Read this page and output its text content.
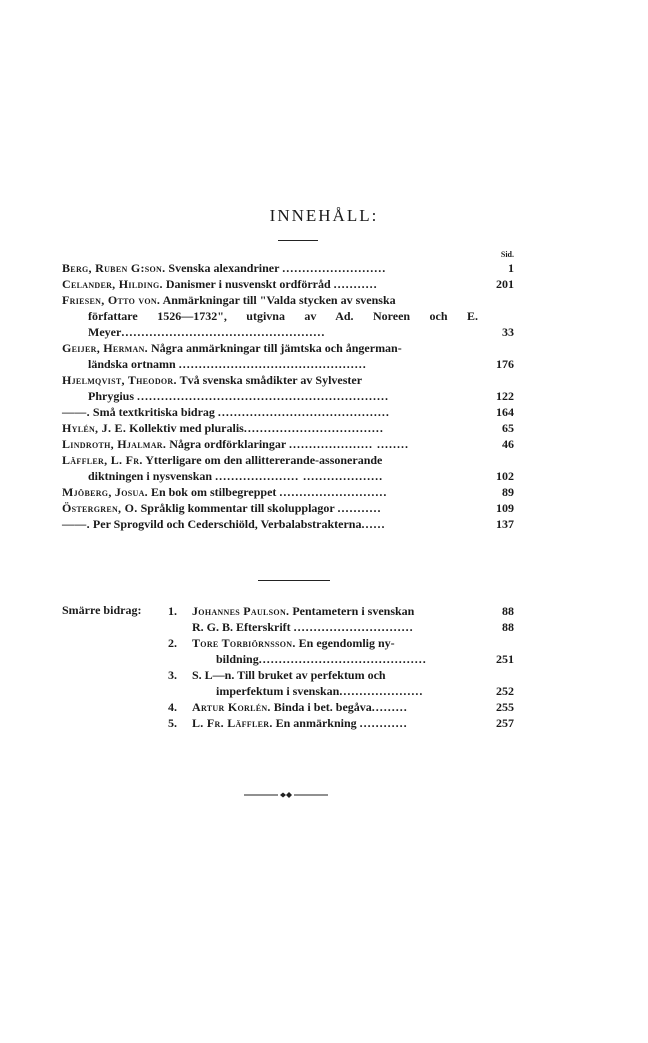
INNEHÅLL:
Sid.
Berg, Ruben G:son. Svenska alexandriner ..........................	1
Celander, Hilding. Danismer i nusvenskt ordförråd ...........	201
Friesen, Otto von. Anmärkningar till "Valda stycken av svenska
författare 1526—1732", utgivna av Ad. Noreen och E. Meyer...................................................	33
Geijer, Herman. Några anmärkningar till jämtska och ångerman-
ländska ortnamn ...............................................	176
Hjelmqvist, Theodor. Två svenska smådikter av Sylvester
Phrygius ...............................................................	122
——. Små textkritiska bidrag ...........................................	164
Hylén, J. E. Kollektiv med pluralis...................................	65
Lindroth, Hjalmar. Några ordförklaringar ..................... ........	46
Läffler, L. Fr. Ytterligare om den allittererande-assonerande
diktningen i nysvenskan ..................... ....................	102
Mjöberg, Josua. En bok om stilbegreppet ...........................	89
Östergren, O. Språklig kommentar till skolupplagor ...........	109
——. Per Sprogvild och Cederschiöld, Verbalabstrakterna......	137
Smärre bidrag: 1. Johannes Paulson. Pentametern i svenskan	88
R. G. B. Efterskrift ..............................	88
2. Tore Torbiörnsson. En egendomlig ny-
bildning..........................................	251
3. S. L—n. Till bruket av perfektum och
imperfektum i svenskan.....................	252
4. Artur Korlén. Binda i bet. begåva.........	255
5. L. Fr. Läffler. En anmärkning ............	257
